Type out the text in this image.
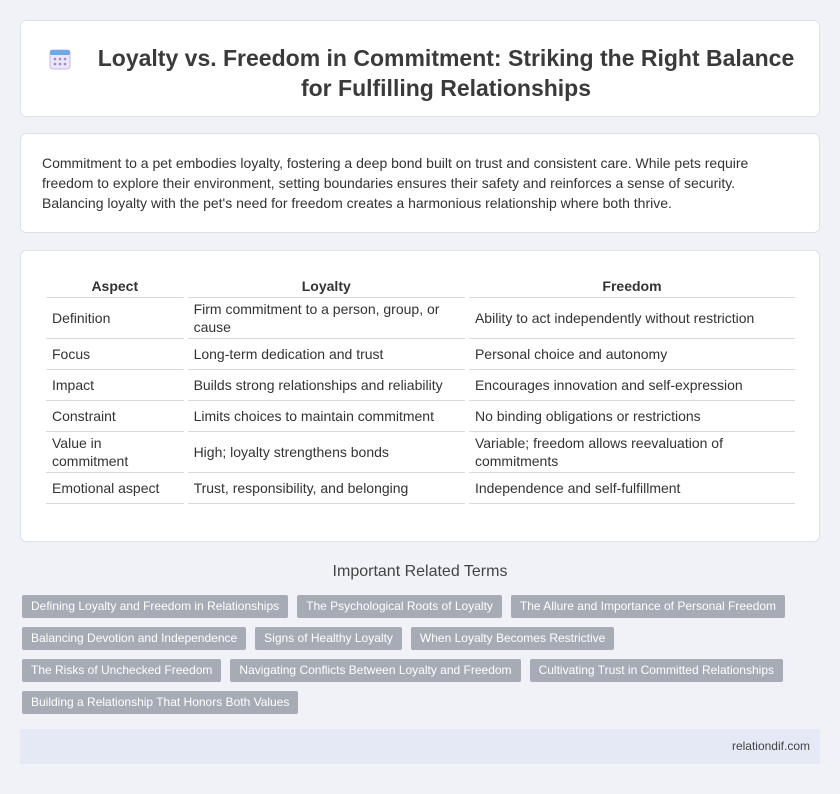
Loyalty vs. Freedom in Commitment: Striking the Right Balance for Fulfilling Relationships

Commitment to a pet embodies loyalty, fostering a deep bond built on trust and consistent care. While pets require freedom to explore their environment, setting boundaries ensures their safety and reinforces a sense of security. Balancing loyalty with the pet's need for freedom creates a harmonious relationship where both thrive.

Aspect	Loyalty	Freedom
Definition	Firm commitment to a person, group, or cause	Ability to act independently without restriction
Focus	Long-term dedication and trust	Personal choice and autonomy
Impact	Builds strong relationships and reliability	Encourages innovation and self-expression
Constraint	Limits choices to maintain commitment	No binding obligations or restrictions
Value in commitment	High; loyalty strengthens bonds	Variable; freedom allows reevaluation of commitments
Emotional aspect	Trust, responsibility, and belonging	Independence and self-fulfillment
Important Related Terms
Defining Loyalty and Freedom in Relationships	The Psychological Roots of Loyalty	The Allure and Importance of Personal Freedom
Balancing Devotion and Independence	Signs of Healthy Loyalty	When Loyalty Becomes Restrictive
The Risks of Unchecked Freedom	Navigating Conflicts Between Loyalty and Freedom	Cultivating Trust in Committed Relationships
Building a Relationship That Honors Both Values
relationdif.com
